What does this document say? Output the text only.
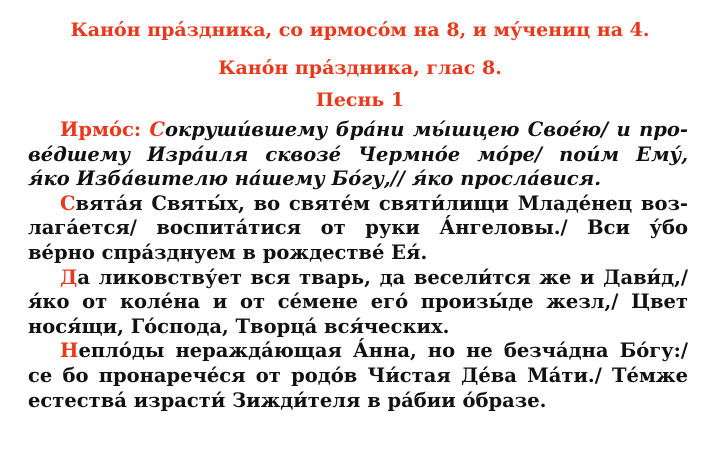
Кано́н пра́здника, со ирмосо́м на 8, и му́чениц на 4.

Кано́н пра́здника, глас 8.

Песнь 1

Ирмо́с: Сокруши́вшему бра́ни мы́шцею Свое́ю/ и про-
ве́дшему Изра́иля сквозе́ Чермно́е мо́ре/ пои́м Ему́,
я́ко Изба́вителю на́шему Бо́гу,// я́ко просла́вися.
Свята́я Святы́х, во святе́м святи́лищи Младе́нец воз-
лага́ется/ воспита́тися от руки А́нгеловы./ Вси у́бо
ве́рно спра́зднуем в рождестве́ Ея́.
Да ликовству́ет вся тварь, да весели́тся же и Дави́д,/
я́ко от коле́на и от се́мене его́ произы́де жезл,/ Цвет
нося́щи, Го́спода, Творца́ вся́ческих.
Непло́ды нераждáющая А́нна, но не безча́дна Бо́гу:/
се бо пронарече́ся от родо́в Чи́стая Де́ва Ма́ти./ Те́мже
естества́ израсти́ Зижди́теля в ра́бии о́бразе.
